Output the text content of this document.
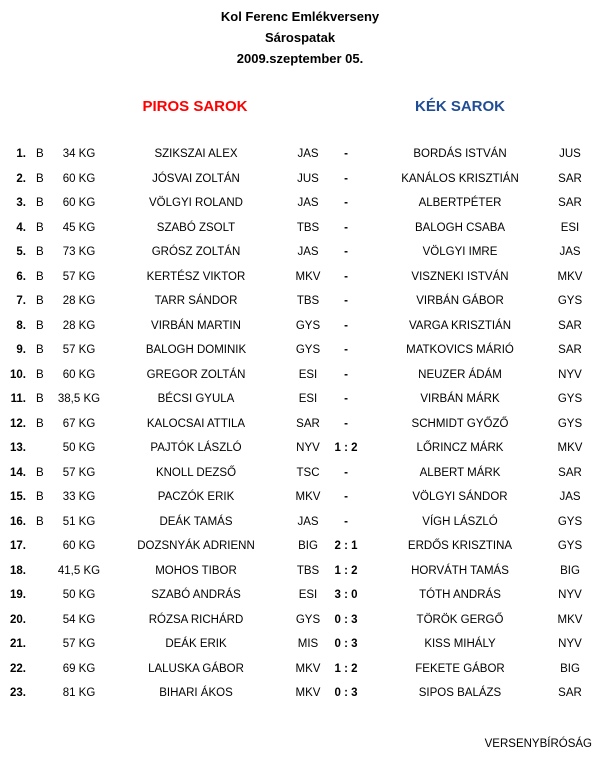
Kol Ferenc Emlékverseny
Sárospatak
2009.szeptember 05.
PIROS SAROK	KÉK SAROK
1. B	34 KG	SZIKSZAI ALEX	JAS	-	BORDÁS ISTVÁN	JUS
2. B	60 KG	JÓSVAI ZOLTÁN	JUS	-	KANÁLOS KRISZTIÁN	SAR
3. B	60 KG	VÖLGYI ROLAND	JAS	-	ALBERTPÉTER	SAR
4. B	45 KG	SZABÓ ZSOLT	TBS	-	BALOGH CSABA	ESI
5. B	73 KG	GRÓSZ ZOLTÁN	JAS	-	VÖLGYI IMRE	JAS
6. B	57 KG	KERTÉSZ VIKTOR	MKV	-	VISZNEKI ISTVÁN	MKV
7. B	28 KG	TARR SÁNDOR	TBS	-	VIRBÁN GÁBOR	GYS
8. B	28 KG	VIRBÁN MARTIN	GYS	-	VARGA KRISZTIÁN	SAR
9. B	57 KG	BALOGH DOMINIK	GYS	-	MATKOVICS MÁRIÓ	SAR
10. B	60 KG	GREGOR ZOLTÁN	ESI	-	NEUZER ÁDÁM	NYV
11. B	38,5 KG	BÉCSI GYULA	ESI	-	VIRBÁN MÁRK	GYS
12. B	67 KG	KALOCSAI ATTILA	SAR	-	SCHMIDT GYŐZŐ	GYS
13.	50 KG	PAJTÓK LÁSZLÓ	NYV	1 : 2	LŐRINCZ MÁRK	MKV
14. B	57 KG	KNOLL DEZSŐ	TSC	-	ALBERT MÁRK	SAR
15. B	33 KG	PACZÓK ERIK	MKV	-	VÖLGYI SÁNDOR	JAS
16. B	51 KG	DEÁK TAMÁS	JAS	-	VÍGH LÁSZLÓ	GYS
17.	60 KG	DOZSNYÁK ADRIENN	BIG	2 : 1	ERDŐS KRISZTINA	GYS
18.	41,5 KG	MOHOS TIBOR	TBS	1 : 2	HORVÁTH TAMÁS	BIG
19.	50 KG	SZABÓ ANDRÁS	ESI	3 : 0	TÓTH ANDRÁS	NYV
20.	54 KG	RÓZSA RICHÁRD	GYS	0 : 3	TÖRÖK GERGŐ	MKV
21.	57 KG	DEÁK ERIK	MIS	0 : 3	KISS MIHÁLY	NYV
22.	69 KG	LALUSKA GÁBOR	MKV	1 : 2	FEKETE GÁBOR	BIG
23.	81 KG	BIHARI ÁKOS	MKV	0 : 3	SIPOS BALÁZS	SAR
VERSENYBÍRÓSÁG
